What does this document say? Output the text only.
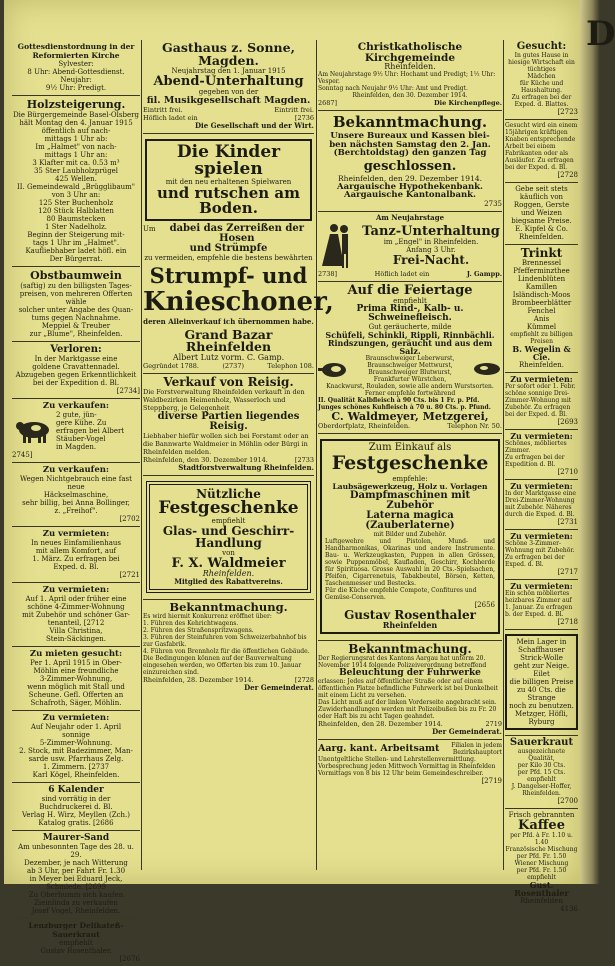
D

Gottesdienstordnung in der Reformierten Kirche

Sylvester:

8 Uhr: Abend-Gottesdienst.

Neujahr:

9½ Uhr: Predigt.

Holzsteigerung.

Die Bürgergemeinde Basel-Olsberg hält Montag den 4. Januar 1915 öffentlich auf nach-

mittags 1 Uhr ab:

Im „Halmet" von nach-

mittags 1 Uhr an:

3 Klafter mit ca. 0.53 m³

35 Ster Laubholzprügel

425 Wellen.

II. Gemeindewald „Brügglibaum"

von 3 Uhr an:

125 Ster Buchenholz

120 Stück Halblatten

80 Baumstecken

1 Ster Nadelholz.

Beginn der Steigerung mit-

tags 1 Uhr im „Halmet".

Kaufliebhaber ladet höfl. ein

Der Bürgerrat.

Obstbaumwein

(saftig) zu den billigsten Tages-

preisen, von mehreren Offerten wähle

solcher unter Angabe des Quan-

tums gegen Nachnahme.

Meppiel & Treuber

zur „Blume", Rheinfelden.

Verloren:

In der Marktgasse eine

goldene Cravattennadel.

Abzugeben gegen Erkenntlichkeit

bei der Expedition d. Bl.

[2734]

Zu verkaufen:

2 gute, jün-

gere Kühe. Zu

erfragen bei Albert

Stäuber-Vogel

in Magden.

2745]

Zu verkaufen:

Wegen Nichtgebrauch eine fast neue

Häckselmaschine,

sehr billig, bei Anna Bollinger,

z. „Freihof".

[2702

Zu vermieten:

In neues Einfamilienhaus

mit allem Komfort, auf

1. März. Zu erfragen bei

Exped. d. Bl.

[2721

Zu vermieten:

Auf 1. April oder früher eine

schöne 4-Zimmer-Wohnung

mit Zubehör und schöner Gar-

tenanteil, [2712

Villa Christina,

Stein-Säckingen.

Zu mieten gesucht:

Per 1. April 1915 in Ober-

Möhlin eine freundliche

3-Zimmer-Wohnung,

wenn möglich mit Stall und

Scheune. Gefl. Offerten an

Schafroth, Säger, Möhlin.

Zu vermieten:

Auf Neujahr oder 1. April

sonnige

5-Zimmer-Wohnung.

2. Stock, mit Badezimmer, Man-

sarde usw. Pfarrhaus Zelg.

1. Zimmern. [2737

Karl Kögel, Rheinfelden.

6 Kalender

sind vorrätig in der

Buchdruckerei d. Bl.

Verlag H. Wirz, Meyllen (Zch.)

Katalog gratis. [2686

Maurer-Sand

Am unbesonnten Tage des 28. u. 29.

Dezember, je nach Witterung

ab 3 Uhr, per Fahrt Fr. 1.30

in Meyer bei Eduard Jeck,

Schmiede. [2699

Zu Oberhumm sich kaufen

Zieinlinda zu verkaufen

Josef Vogel, Rheinfelden.

Lenzburger Delikateß-Sauerkraut

empfiehlt

Gustav Rosenthaler.

[2676

Gasthaus z. Sonne, Magden.

Neujahrstag den 1. Januar 1915

Abend-Unterhaltung

gegeben von der

fil. Musikgesellschaft Magden.

Eintritt frei.	Eintritt frei.
Höflich ladet ein	[2736

Die Gesellschaft und der Wirt.

Die Kinder spielen

mit den neu erhaltenen Spielwaren

und rutschen am Boden.

Um	dabei das Zerreißen der Hosen

und Strümpfe

zu vermeiden, empfehle die bestens bewährten

Strumpf- und

Knieschoner,

deren Alleinverkauf ich übernommen habe.

Grand Bazar Rheinfelden

Albert Lutz vorm. C. Gamp.

Gegründet 1788.	(2737)	Telephon 108.

Verkauf von Reisig.

Die Forstverwaltung Rheinfelden verkauft in den Waldbezirken Heimenholz, Wasserloch und Steppberg, je Gelegenheit

diverse Partien liegendes Reisig.

Liebhaber hiefür wollen sich bei Forstamt oder an die Bannwarte Waldmeier in Möhlin oder Bürgi in Rheinfelden melden.

Rheinfelden, den 30. Dezember 1914.	[2733

Stadtforstverwaltung Rheinfelden.

Nützliche

Festgeschenke

empfiehlt

Glas- und Geschirr-

Handlung

von

F. X. Waldmeier

Rheinfelden.

Mitglied des Rabattvereins.

Bekanntmachung.

Es wird hiermit Konkurrenz eröffnet über:

1. Führen des Kehrichtwagens.

2. Führen des Straßenspritzwagens.

3. Führen der Steinfuhren vom Schweizerbahnhof bis zur Gasfabrik.

4. Führen von Brennholz für die öffentlichen Gebäude.

Die Bedingungen können auf der Bauverwaltung eingesehen werden, wo Offerten bis zum 10. Januar einzureichen sind.

Rheinfelden, 28. Dezember 1914.	[2728

Der Gemeinderat.

Christkatholische Kirchgemeinde

Rheinfelden.

Am Neujahrstage 9½ Uhr: Hochamt und Predigt; 1½ Uhr: Vesper.

Sonntag nach Neujahr 9½ Uhr: Amt und Predigt.

Rheinfelden, den 30. Dezember 1914.

2687]	Die Kirchenpflege.

Bekanntmachung.

Unsere Bureaux und Kassen blei-

ben nächsten Samstag den 2. Jan.

(Berchtoldstag) den ganzen Tag

geschlossen.

Rheinfelden, den 29. Dezember 1914.

Aargauische Hypothekenbank.

Aargauische Kantonalbank.

2735

Am Neujahrstage

Tanz-Unterhaltung

im „Engel" in Rheinfelden.

Anfang 3 Uhr.

Frei-Nacht.

2738]	Höflich ladet ein	J. Gampp.

Auf die Feiertage

empfiehlt

Prima Rind-, Kalb- u. Schweinefleisch.

Gut geräucherte, milde

Schüfeli, Schinkli, Rippli, Rinnbächli.

Rindszungen, geräucht und aus dem Salz.

Braunschweiger Leberwurst,

Braunschweiger Mettwurst,

Braunschweiger Blutwurst,

Frankfurter Würstchen,

Knackwurst, Rouladen, sowie alle andern Wurstsorten.

Ferner empfehle fortwährend

II. Qualität Kalbfleisch à 90 Cts. bis 1 Fr. p. Pfd.

Junges schönes Kuhfleisch à 70 u. 80 Cts. p. Pfund.

C. Waldmeyer, Metzgerei,

Oberdorfplatz, Rheinfelden.	Telephon Nr. 50.

Zum Einkauf als

Festgeschenke

empfehle:

Laubsägewerkzeug, Holz u. Vorlagen

Dampfmaschinen mit Zubehör

Laterna magica (Zauberlaterne)

mit Bilder und Zubehör.

Luftgewehre und Pistolen, Mund- und Handharmonikas, Okarinas und andere Instrumente. Bau- u. Werkzeugkasten, Puppen in allen Grössen, sowie Puppenmöbel, Kaufladen, Geschirr, Kochherde für Spirituosa. Grosse Auswahl in 20 Cts.-Spielsachen, Pfeifen, Cigarrenetuis, Tabakbeutel, Börsen, Ketten, Taschenmesser und Bestecks.

Für die Küche empfehle Compote, Confitures und Gemüse-Conserven.

[2656

Gustav Rosenthaler

Rheinfelden

Bekanntmachung.

Der Regierungsrat des Kantons Aargau hat unterm 20. November 1914 folgende Polizeiverordnung betreffend

Beleuchtung der Fuhrwerke

erlassen: Jedes auf öffentlicher Straße oder auf einem öffentlichen Platze befindliche Fuhrwerk ist bei Dunkelheit mit einem Licht zu versehen.

Das Licht muß auf der linken Vorderseite angebracht sein. Zuwiderhandlungen werden mit Polizeibußen bis zu Fr. 20 oder Haft bis zu acht Tagen geahndet.

Rheinfelden, den 28. Dezember 1914.	2719

Der Gemeinderat.

Aarg. kant. Arbeitsamt Filialen in jedem
Bezirkshauptort

Unentgeltliche Stellen- und Lehrstellenvermittlung. Vorbesprechung jeden Mittwoch Vormittag in Rheinfelden Vormittags von 8 bis 12 Uhr beim Gemeindeschreiber.

[2719

Gesucht:

In gutes Hause in hiesige Wirtschaft ein tüchtiges

Mädchen

für Küche und Haushaltung.

Zu erfragen bei der Exped. d. Blattes.

[2723

Gesucht wird ein einem 15jährigen kräftigen Knaben entsprechende Arbeit bei einem Fabrikanten oder als Ausläufer. Zu erfragen bei der Exped. d. Bl.

[2728

Gebe seit stets käuflich von

Roggen, Gerste

und Weizen

biegsame Preise.

E. Kipfel & Co.

Rheinfelden.

Trinkt

Brennessel

Pfefferminzthee

Lindenblüten

Kamillen

Isländisch-Moos

Brombeerblätter

Fenchel

Anis

Kümmel

empfiehlt zu billigen Preisen

B. Wegelin & Cie.

Rheinfelden.

Zu vermieten:

Per sofort oder 1. Febr. schöne sonnige Drei-Zimmer-Wohnung mit Zubehör. Zu erfragen bei der Exped. d. Bl.

[2693

Zu vermieten:

Schönes, möbliertes Zimmer.

Zu erfragen bei der Expedition d. Bl.

[2710

Zu vermieten:

In der Marktgasse eine Drei-Zimmer-Wohnung mit Zubehör. Näheres durch die Exped. d. Bl.

[2731

Zu vermieten:

Schöne 3-Zimmer-Wohnung mit Zubehör. Zu erfragen bei der Exped. d. Bl.

[2717

Zu vermieten:

Ein schön möbliertes heizbares Zimmer auf 1. Januar. Zu erfragen b. der Exped. d. Bl.

[2718

Mein Lager in

Schaffhauser

Strick-Wolle

geht zur Neige.

Eilet

die billigen Preise

zu 40 Cts. die Strange

noch zu benutzen.

Metzger, Höfli, Ryburg

Sauerkraut

ausgezeichnete Qualität,

per Kilo 30 Cts.

per Pfd. 15 Cts.

empfiehlt

J. Dangelser-Hoffer,

Rheinfelden.

[2700

Frisch gebrannten

Kaffee

per Pfd. à Fr. 1.10 u. 1.40

Französische Mischung

per Pfd. Fr. 1.50

Wiener Mischung

per Pfd. Fr. 1.50

empfiehlt

Gust. Rosenthaler

Rheinfelden

4136
